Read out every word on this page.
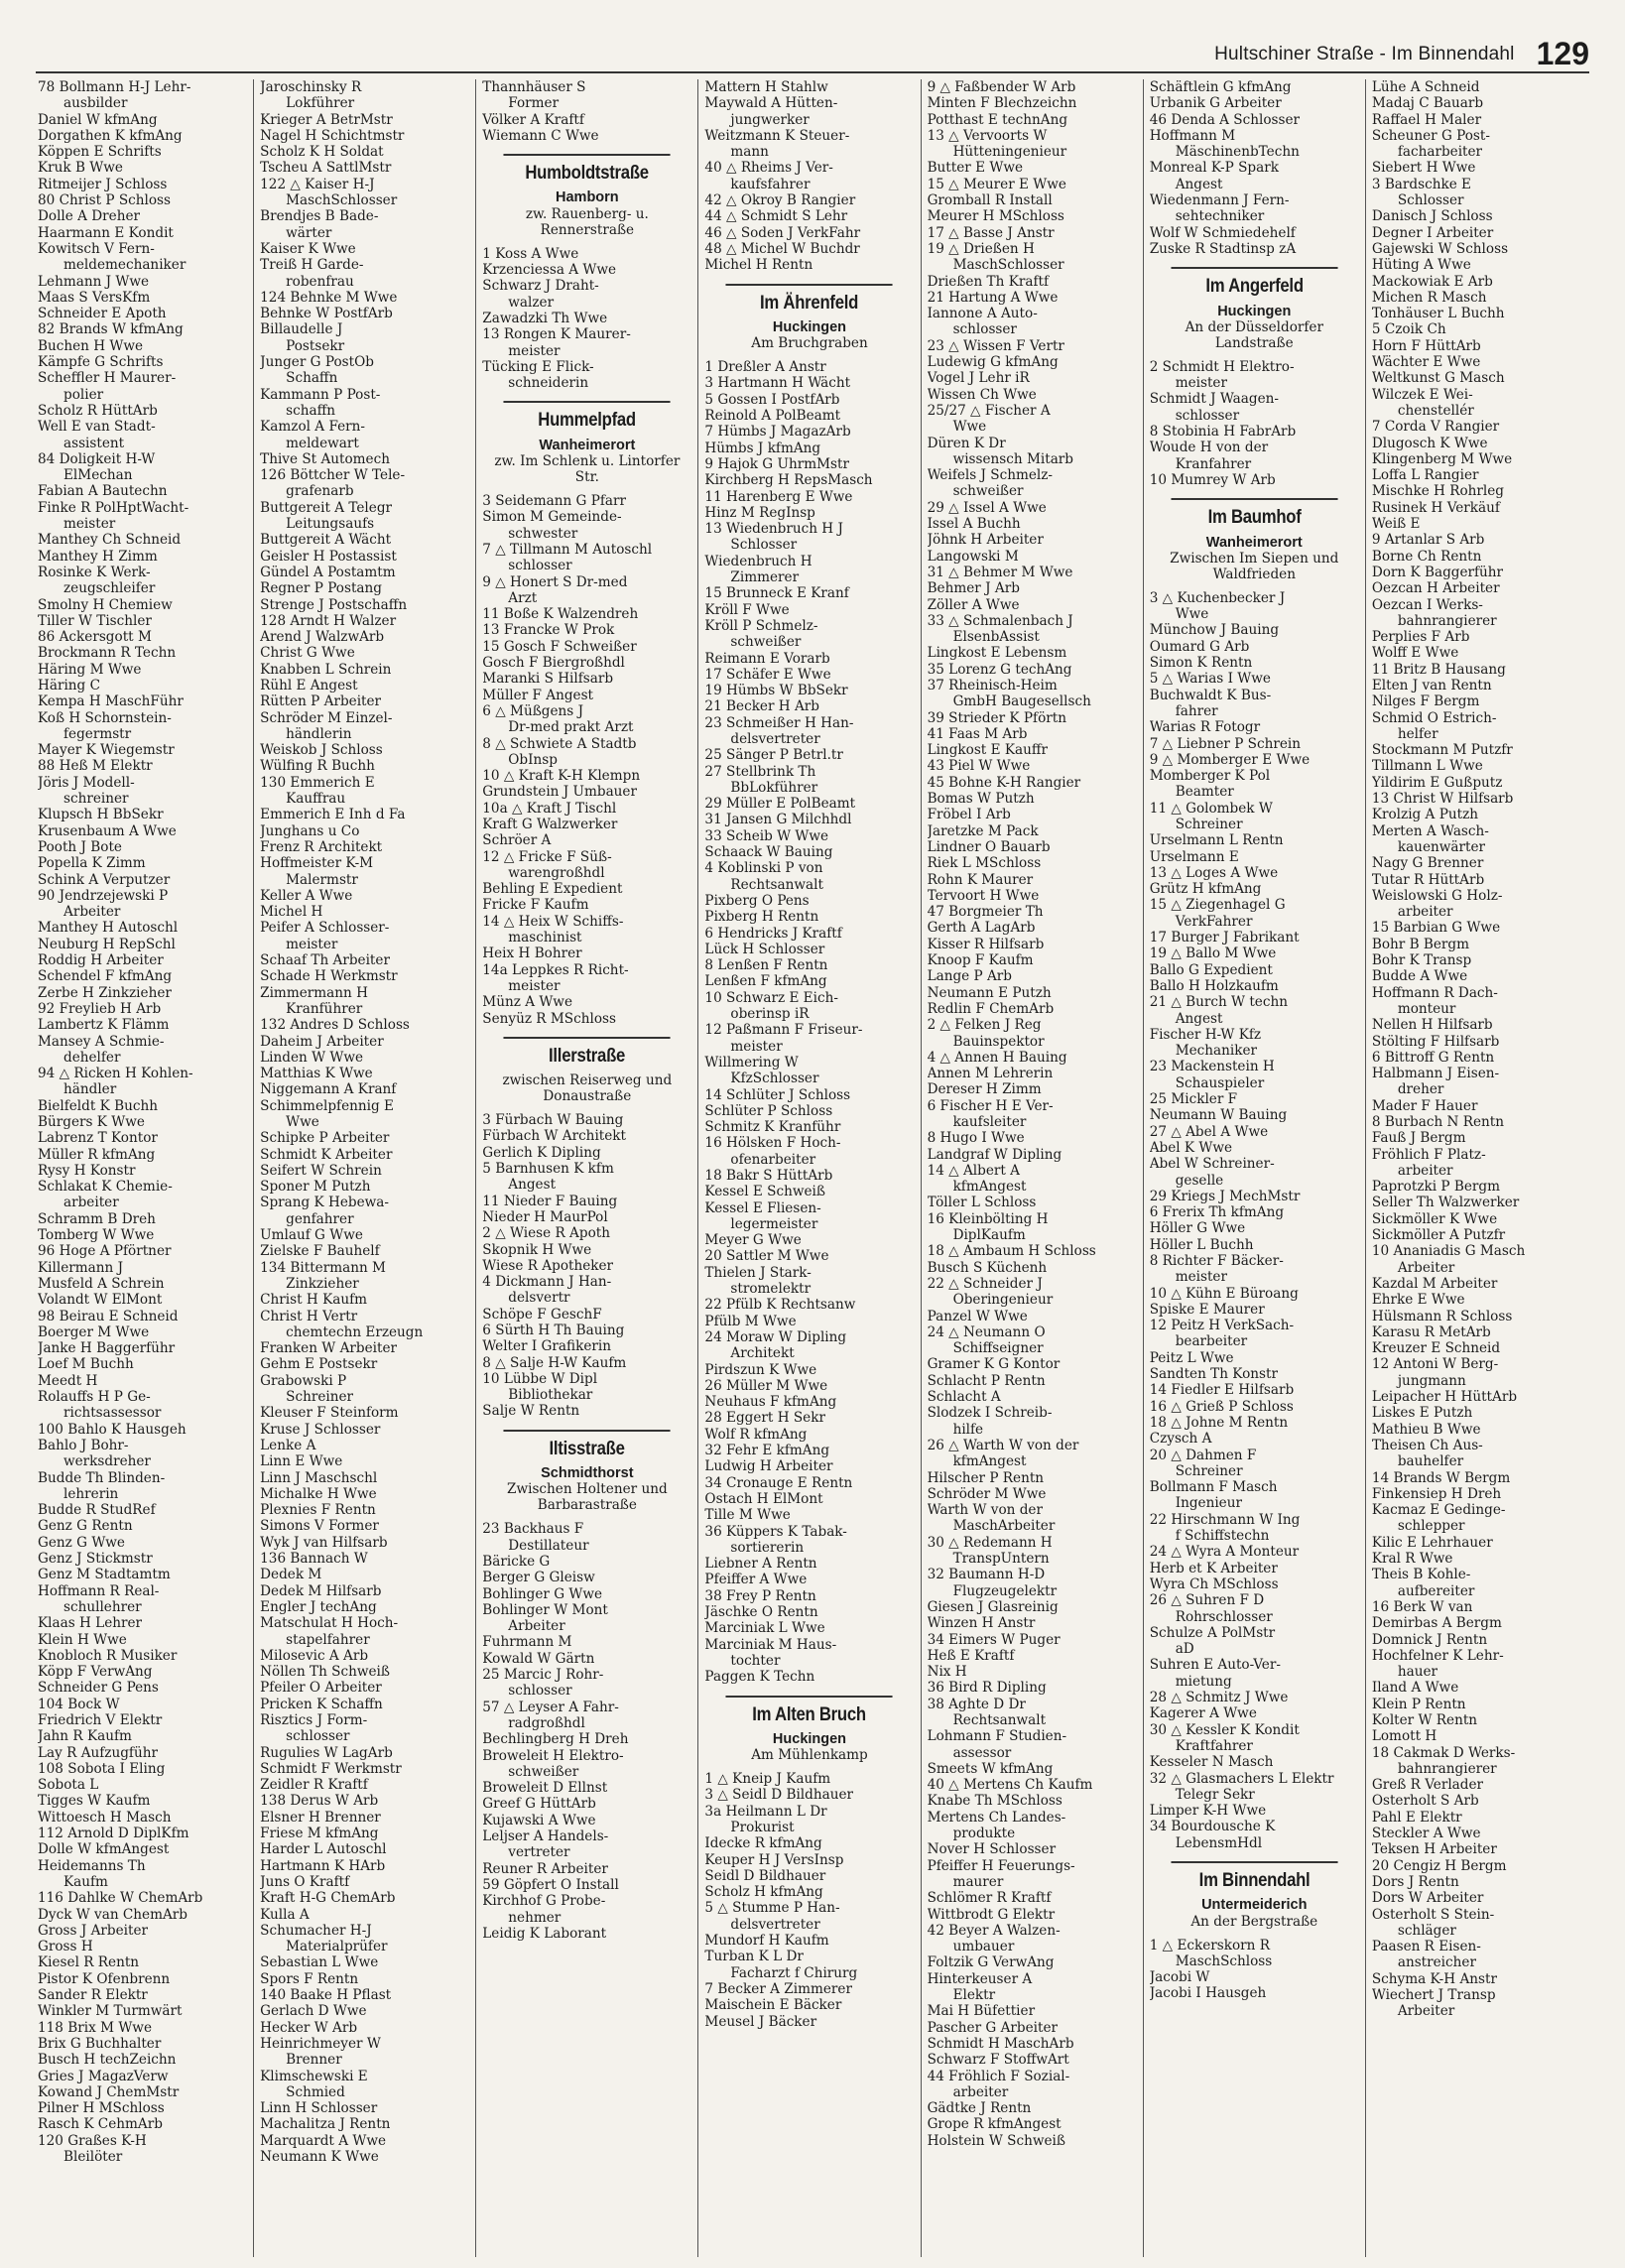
Hultschiner Straße - Im Binnendahl 129
78 Bollmann H-J Lehr-
ausbilder
Daniel W kfmAng
Dorgathen K kfmAng
Köppen E Schrifts
Kruk B Wwe
Ritmeijer J Schloss
80 Christ P Schloss
Dolle A Dreher
Haarmann E Kondit
Kowitsch V Fern-
meldemechaniker
Lehmann J Wwe
Maas S VersKfm
Schneider E Apoth
82 Brands W kfmAng
Buchen H Wwe
Kämpfe G Schrifts
Scheffler H Maurer-
polier
Scholz R HüttArb
Well E van Stadt-
assistent
84 Doligkeit H-W
ElMechan
Fabian A Bautechn
Finke R PolHptWacht-
meister
Manthey Ch Schneid
Manthey H Zimm
Rosinke K Werk-
zeugschleifer
Smolny H Chemiew
Tiller W Tischler
86 Ackersgott M
Brockmann R Techn
Häring M Wwe
Häring C
Kempa H MaschFühr
Koß H Schornstein-
fegermstr
Mayer K Wiegemstr
88 Heß M Elektr
Jöris J Modell-
schreiner
Klupsch H BbSekr
Krusenbaum A Wwe
Pooth J Bote
Popella K Zimm
Schink A Verputzer
90 Jendrzejewski P
Arbeiter
Manthey H Autoschl
Neuburg H RepSchl
Roddig H Arbeiter
Schendel F kfmAng
Zerbe H Zinkzieher
92 Freylieb H Arb
Lambertz K Flämm
Mansey A Schmie-
dehelfer
94 △ Ricken H Kohlen-
händler
Bielfeldt K Buchh
Bürgers K Wwe
Labrenz T Kontor
Müller R kfmAng
Rysy H Konstr
Schlakat K Chemie-
arbeiter
Schramm B Dreh
Tomberg W Wwe
96 Hoge A Pförtner
Killermann J
Musfeld A Schrein
Volandt W ElMont
98 Beirau E Schneid
Boerger M Wwe
Janke H Baggerführ
Loef M Buchh
Meedt H
Rolauffs H P Ge-
richtsassessor
100 Bahlo K Hausgeh
Bahlo J Bohr-
werksdreher
Budde Th Blinden-
lehrerin
Budde R StudRef
Genz G Rentn
Genz G Wwe
Genz J Stickmstr
Genz M Stadtamtm
Hoffmann R Real-
schullehrer
Klaas H Lehrer
Klein H Wwe
Knobloch R Musiker
Köpp F VerwAng
Schneider G Pens
104 Bock W
Friedrich V Elektr
Jahn R Kaufm
Lay R Aufzugführ
108 Sobota I Eling
Sobota L
Tigges W Kaufm
Wittoesch H Masch
112 Arnold D DiplKfm
Dolle W kfmAngest
Heidemanns Th
Kaufm
116 Dahlke W ChemArb
Dyck W van ChemArb
Gross J Arbeiter
Gross H
Kiesel R Rentn
Pistor K Ofenbrenn
Sander R Elektr
Winkler M Turmwärt
118 Brix M Wwe
Brix G Buchhalter
Busch H techZeichn
Gries J MagazVerw
Kowand J ChemMstr
Pilner H MSchloss
Rasch K CehmArb
120 Graßes K-H
Bleilöter
Jaroschinsky R
Lokführer
Krieger A BetrMstr
Nagel H Schichtmstr
Scholz K H Soldat
Tscheu A SattlMstr
122 △ Kaiser H-J
MaschSchlosser
Brendjes B Bade-
wärter
Kaiser K Wwe
Treiß H Garde-
robenfrau
124 Behnke M Wwe
Behnke W PostfArb
Billaudelle J
Postsekr
Junger G PostOb
Schaffn
Kammann P Post-
schaffn
Kamzol A Fern-
meldewart
Thive St Automech
126 Böttcher W Tele-
grafenarb
Buttgereit A Telegr
Leitungsaufs
Buttgereit A Wächt
Geisler H Postassist
Gündel A Postamtm
Regner P Postang
Strenge J Postschaffn
128 Arndt H Walzer
Arend J WalzwArb
Christ G Wwe
Knabben L Schrein
Rühl E Angest
Rütten P Arbeiter
Schröder M Einzel-
händlerin
Weiskob J Schloss
Wülfing R Buchh
130 Emmerich E
Kauffrau
Emmerich E Inh d Fa
Junghans u Co
Frenz R Architekt
Hoffmeister K-M
Malermstr
Keller A Wwe
Michel H
Peifer A Schlosser-
meister
Schaaf Th Arbeiter
Schade H Werkmstr
Zimmermann H
Kranführer
132 Andres D Schloss
Daheim J Arbeiter
Linden W Wwe
Matthias K Wwe
Niggemann A Kranf
Schimmelpfennig E
Wwe
Schipke P Arbeiter
Schmidt K Arbeiter
Seifert W Schrein
Sponer M Putzh
Sprang K Hebewa-
genfahrer
Umlauf G Wwe
Zielske F Bauhelf
134 Bittermann M
Zinkzieher
Christ H Kaufm
Christ H Vertr
chemtechn Erzeugn
Franken W Arbeiter
Gehm E Postsekr
Grabowski P
Schreiner
Kleuser F Steinform
Kruse J Schlosser
Lenke A
Linn E Wwe
Linn J Maschschl
Michalke H Wwe
Plexnies F Rentn
Simons V Former
Wyk J van Hilfsarb
136 Bannach W
Dedek M
Dedek M Hilfsarb
Engler J techAng
Matschulat H Hoch-
stapelfahrer
Milosevic A Arb
Nöllen Th Schweiß
Pfeiler O Arbeiter
Pricken K Schaffn
Risztics J Form-
schlosser
Rugulies W LagArb
Schmidt F Werkmstr
Zeidler R Kraftf
138 Derus W Arb
Elsner H Brenner
Friese M kfmAng
Harder L Autoschl
Hartmann K HArb
Juns O Kraftf
Kraft H-G ChemArb
Kulla A
Schumacher H-J
Materialprüfer
Sebastian L Wwe
Spors F Rentn
140 Baake H Pflast
Gerlach D Wwe
Hecker W Arb
Heinrichmeyer W
Brenner
Klimschewski E
Schmied
Linn H Schlosser
Machalitza J Rentn
Marquardt A Wwe
Neumann K Wwe
Thannhäuser S
Former
Völker A Kraftf
Wiemann C Wwe
Humboldtstraße
Hamborn
zw. Rauenberg- u. Rennerstraße
1 Koss A Wwe
Krzenciessa A Wwe
Schwarz J Draht-
walzer
Zawadzki Th Wwe
13 Rongen K Maurer-
meister
Tücking E Flick-
schneiderin
Hummelpfad
Wanheimerort
zw. Im Schlenk u. Lintorfer Str.
3 Seidemann G Pfarr
Simon M Gemeinde-
schwester
7 △ Tillmann M Autoschl
schlosser
9 △ Honert S Dr-med
Arzt
11 Boße K Walzendreh
13 Francke W Prok
15 Gosch F Schweißer
Gosch F Biergroßhdl
Maranki S Hilfsarb
Müller F Angest
6 △ Müßgens J
Dr-med prakt Arzt
8 △ Schwiete A Stadtb
ObInsp
10 △ Kraft K-H Klempn
Grundstein J Umbauer
10a △ Kraft J Tischl
Kraft G Walzwerker
Schröer A
12 △ Fricke F Süß-
warengroßhdl
Behling E Expedient
Fricke F Kaufm
14 △ Heix W Schiffs-
maschinist
Heix H Bohrer
14a Leppkes R Richt-
meister
Münz A Wwe
Senyüz R MSchloss
Illerstraße
zwischen Reiserweg und Donaustraße
3 Fürbach W Bauing
Fürbach W Architekt
Gerlich K Dipling
5 Barnhusen K kfm
Angest
11 Nieder F Bauing
Nieder H MaurPol
2 △ Wiese R Apoth
Skopnik H Wwe
Wiese R Apotheker
4 Dickmann J Han-
delsvertr
Schöpe F GeschF
6 Sürth H Th Bauing
Welter I Grafikerin
8 △ Salje H-W Kaufm
10 Lübbe W Dipl
Bibliothekar
Salje W Rentn
Iltisstraße
Schmidthorst
Zwischen Holtener und Barbarastraße
23 Backhaus F
Destillateur
Bäricke G
Berger G Gleisw
Bohlinger G Wwe
Bohlinger W Mont
Arbeiter
Fuhrmann M
Kowald W Gärtn
25 Marcic J Rohr-
schlosser
57 △ Leyser A Fahr-
radgroßhdl
Bechlingberg H Dreh
Broweleit H Elektro-
schweißer
Broweleit D Ellnst
Greef G HüttArb
Kujawski A Wwe
Leljser A Handels-
vertreter
Reuner R Arbeiter
59 Göpfert O Install
Kirchhof G Probe-
nehmer
Leidig K Laborant
Mattern H Stahlw
Maywald A Hütten-
jungwerker
Weitzmann K Steuer-
mann
40 △ Rheims J Ver-
kaufsfahrer
42 △ Okroy B Rangier
44 △ Schmidt S Lehr
46 △ Soden J VerkFahr
48 △ Michel W Buchdr
Michel H Rentn
Im Ährenfeld
Huckingen
Am Bruchgraben
1 Dreßler A Anstr
3 Hartmann H Wächt
5 Gossen I PostfArb
Reinold A PolBeamt
7 Hümbs J MagazArb
Hümbs J kfmAng
9 Hajok G UhrmMstr
Kirchberg H RepsMasch
11 Harenberg E Wwe
Hinz M RegInsp
13 Wiedenbruch H J
Schlosser
Wiedenbruch H
Zimmerer
15 Brunneck E Kranf
Kröll F Wwe
Kröll P Schmelz-
schweißer
Reimann E Vorarb
17 Schäfer E Wwe
19 Hümbs W BbSekr
21 Becker H Arb
23 Schmeißer H Han-
delsvertreter
25 Sänger P Betrl.tr
27 Stellbrink Th
BbLokführer
29 Müller E PolBeamt
31 Jansen G Milchhdl
33 Scheib W Wwe
Schaack W Bauing
4 Koblinski P von
Rechtsanwalt
Pixberg O Pens
Pixberg H Rentn
6 Hendricks J Kraftf
Lück H Schlosser
8 Lenßen F Rentn
Lenßen F kfmAng
10 Schwarz E Eich-
oberinsp iR
12 Paßmann F Friseur-
meister
Willmering W
KfzSchlosser
14 Schlüter J Schloss
Schlüter P Schloss
Schmitz K Kranführ
16 Hölsken F Hoch-
ofenarbeiter
18 Bakr S HüttArb
Kessel E Schweiß
Kessel E Fliesen-
legermeister
Meyer G Wwe
20 Sattler M Wwe
Thielen J Stark-
stromelektr
22 Pfülb K Rechtsanw
Pfülb M Wwe
24 Moraw W Dipling
Architekt
Pirdszun K Wwe
26 Müller M Wwe
Neuhaus F kfmAng
28 Eggert H Sekr
Wolf R kfmAng
32 Fehr E kfmAng
Ludwig H Arbeiter
34 Cronauge E Rentn
Ostach H ElMont
Tille M Wwe
36 Küppers K Tabak-
sortiererin
Liebner A Rentn
Pfeiffer A Wwe
38 Frey P Rentn
Jäschke O Rentn
Marciniak L Wwe
Marciniak M Haus-
tochter
Paggen K Techn
Im Alten Bruch
Huckingen
Am Mühlenkamp
1 △ Kneip J Kaufm
3 △ Seidl D Bildhauer
3a Heilmann L Dr
Prokurist
Idecke R kfmAng
Keuper H J VersInsp
Seidl D Bildhauer
Scholz H kfmAng
5 △ Stumme P Han-
delsvertreter
Mundorf H Kaufm
Turban K L Dr
Facharzt f Chirurg
7 Becker A Zimmerer
Maischein E Bäcker
Meusel J Bäcker
9 △ Faßbender W Arb
Minten F Blechzeichn
Potthast E technAng
13 △ Vervoorts W
Hütteningenieur
Butter E Wwe
15 △ Meurer E Wwe
Gromball R Install
Meurer H MSchloss
17 △ Basse J Anstr
19 △ Drießen H
MaschSchlosser
Drießen Th Kraftf
21 Hartung A Wwe
Iannone A Auto-
schlosser
23 △ Wissen F Vertr
Ludewig G kfmAng
Vogel J Lehr iR
Wissen Ch Wwe
25/27 △ Fischer A
Wwe
Düren K Dr
wissensch Mitarb
Weifels J Schmelz-
schweißer
29 △ Issel A Wwe
Issel A Buchh
Jöhnk H Arbeiter
Langowski M
31 △ Behmer M Wwe
Behmer J Arb
Zöller A Wwe
33 △ Schmalenbach J
ElsenbAssist
Lingkost E Lebensm
35 Lorenz G techAng
37 Rheinisch-Heim
GmbH Baugesellsch
39 Strieder K Pförtn
41 Faas M Arb
Lingkost E Kauffr
43 Piel W Wwe
45 Bohne K-H Rangier
Bomas W Putzh
Fröbel I Arb
Jaretzke M Pack
Lindner O Bauarb
Riek L MSchloss
Rohn K Maurer
Tervoort H Wwe
47 Borgmeier Th
Gerth A LagArb
Kisser R Hilfsarb
Knoop F Kaufm
Lange P Arb
Neumann E Putzh
Redlin F ChemArb
2 △ Felken J Reg
Bauinspektor
4 △ Annen H Bauing
Annen M Lehrerin
Dereser H Zimm
6 Fischer H E Ver-
kaufsleiter
8 Hugo I Wwe
Landgraf W Dipling
14 △ Albert A
kfmAngest
Töller L Schloss
16 Kleinbölting H
DiplKaufm
18 △ Ambaum H Schloss
Busch S Küchenh
22 △ Schneider J
Oberingenieur
Panzel W Wwe
24 △ Neumann O
Schiffseigner
Gramer K G Kontor
Schlacht P Rentn
Schlacht A
Slodzek I Schreib-
hilfe
26 △ Warth W von der
kfmAngest
Hilscher P Rentn
Schröder M Wwe
Warth W von der
MaschArbeiter
30 △ Redemann H
TranspUntern
32 Baumann H-D
Flugzeugelektr
Giesen J Glasreinig
Winzen H Anstr
34 Eimers W Puger
Heß E Kraftf
Nix H
36 Bird R Dipling
38 Aghte D Dr
Rechtsanwalt
Lohmann F Studien-
assessor
Smeets W kfmAng
40 △ Mertens Ch Kaufm
Knabe Th MSchloss
Mertens Ch Landes-
produkte
Nover H Schlosser
Pfeiffer H Feuerungs-
maurer
Schlömer R Kraftf
Wittbrodt G Elektr
42 Beyer A Walzen-
umbauer
Foltzik G VerwAng
Hinterkeuser A
Elektr
Mai H Büfettier
Pascher G Arbeiter
Schmidt H MaschArb
Schwarz F StoffwArt
44 Fröhlich F Sozial-
arbeiter
Gädtke J Rentn
Grope R kfmAngest
Holstein W Schweiß
Schäftlein G kfmAng
Urbanik G Arbeiter
46 Denda A Schlosser
Hoffmann M
MäschinenbTechn
Monreal K-P Spark
Angest
Wiedenmann J Fern-
sehtechniker
Wolf W Schmiedehelf
Zuske R Stadtinsp zA
Im Angerfeld
Huckingen
An der Düsseldorfer Landstraße
2 Schmidt H Elektro-
meister
Schmidt J Waagen-
schlosser
8 Stobinia H FabrArb
Woude H von der
Kranfahrer
10 Mumrey W Arb
Im Baumhof
Wanheimerort
Zwischen Im Siepen und Waldfrieden
3 △ Kuchenbecker J
Wwe
Münchow J Bauing
Oumard G Arb
Simon K Rentn
5 △ Warias I Wwe
Buchwaldt K Bus-
fahrer
Warias R Fotogr
7 △ Liebner P Schrein
9 △ Momberger E Wwe
Momberger K Pol
Beamter
11 △ Golombek W
Schreiner
Urselmann L Rentn
Urselmann E
13 △ Loges A Wwe
Grütz H kfmAng
15 △ Ziegenhagel G
VerkFahrer
17 Burger J Fabrikant
19 △ Ballo M Wwe
Ballo G Expedient
Ballo H Holzkaufm
21 △ Burch W techn
Angest
Fischer H-W Kfz
Mechaniker
23 Mackenstein H
Schauspieler
25 Mickler F
Neumann W Bauing
27 △ Abel A Wwe
Abel K Wwe
Abel W Schreiner-
geselle
29 Kriegs J MechMstr
6 Frerix Th kfmAng
Höller G Wwe
Höller L Buchh
8 Richter F Bäcker-
meister
10 △ Kühn E Büroang
Spiske E Maurer
12 Peitz H VerkSach-
bearbeiter
Peitz L Wwe
Sandten Th Konstr
14 Fiedler E Hilfsarb
16 △ Grieß P Schloss
18 △ Johne M Rentn
Czysch A
20 △ Dahmen F
Schreiner
Bollmann F Masch
Ingenieur
22 Hirschmann W Ing
f Schiffstechn
24 △ Wyra A Monteur
Herb et K Arbeiter
Wyra Ch MSchloss
26 △ Suhren F D
Rohrschlosser
Schulze A PolMstr
aD
Suhren E Auto-Ver-
mietung
28 △ Schmitz J Wwe
Kagerer A Wwe
30 △ Kessler K Kondit
Kraftfahrer
Kesseler N Masch
32 △ Glasmachers L Elektr
Telegr Sekr
Limper K-H Wwe
34 Bourdousche K
LebensmHdl
Im Binnendahl
Untermeiderich
An der Bergstraße
1 △ Eckerskorn R
MaschSchloss
Jacobi W
Jacobi I Hausgeh
Lühe A Schneid
Madaj C Bauarb
Raffael H Maler
Scheuner G Post-
facharbeiter
Siebert H Wwe
3 Bardschke E
Schlosser
Danisch J Schloss
Degner I Arbeiter
Gajewski W Schloss
Hüting A Wwe
Mackowiak E Arb
Michen R Masch
Tonhäuser L Buchh
5 Czoik Ch
Horn F HüttArb
Wächter E Wwe
Weltkunst G Masch
Wilczek E Wei-
chenstellér
7 Corda V Rangier
Dlugosch K Wwe
Klingenberg M Wwe
Loffa L Rangier
Mischke H Rohrleg
Rusinek H Verkäuf
Weiß E
9 Artanlar S Arb
Borne Ch Rentn
Dorn K Baggerführ
Oezcan H Arbeiter
Oezcan I Werks-
bahnrangierer
Perplies F Arb
Wolff E Wwe
11 Britz B Hausang
Elten J van Rentn
Nilges F Bergm
Schmid O Estrich-
helfer
Stockmann M Putzfr
Tillmann L Wwe
Yildirim E Gußputz
13 Christ W Hilfsarb
Krolzig A Putzh
Merten A Wasch-
kauenwärter
Nagy G Brenner
Tutar R HüttArb
Weislowski G Holz-
arbeiter
15 Barbian G Wwe
Bohr B Bergm
Bohr K Transp
Budde A Wwe
Hoffmann R Dach-
monteur
Nellen H Hilfsarb
Stölting F Hilfsarb
6 Bittroff G Rentn
Halbmann J Eisen-
dreher
Mader F Hauer
8 Burbach N Rentn
Fauß J Bergm
Fröhlich F Platz-
arbeiter
Paprotzki P Bergm
Seller Th Walzwerker
Sickmöller K Wwe
Sickmöller A Putzfr
10 Ananiadis G Masch
Arbeiter
Kazdal M Arbeiter
Ehrke E Wwe
Hülsmann R Schloss
Karasu R MetArb
Kreuzer E Schneid
12 Antoni W Berg-
jungmann
Leipacher H HüttArb
Liskes E Putzh
Mathieu B Wwe
Theisen Ch Aus-
bauhelfer
14 Brands W Bergm
Finkensiep H Dreh
Kacmaz E Gedinge-
schlepper
Kilic E Lehrhauer
Kral R Wwe
Theis B Kohle-
aufbereiter
16 Berk W van
Demirbas A Bergm
Domnick J Rentn
Hochfelner K Lehr-
hauer
Iland A Wwe
Klein P Rentn
Kolter W Rentn
Lomott H
18 Cakmak D Werks-
bahnrangierer
Greß R Verlader
Osterholt S Arb
Pahl E Elektr
Steckler A Wwe
Teksen H Arbeiter
20 Cengiz H Bergm
Dors J Rentn
Dors W Arbeiter
Osterholt S Stein-
schläger
Paasen R Eisen-
anstreicher
Schyma K-H Anstr
Wiechert J Transp
Arbeiter
